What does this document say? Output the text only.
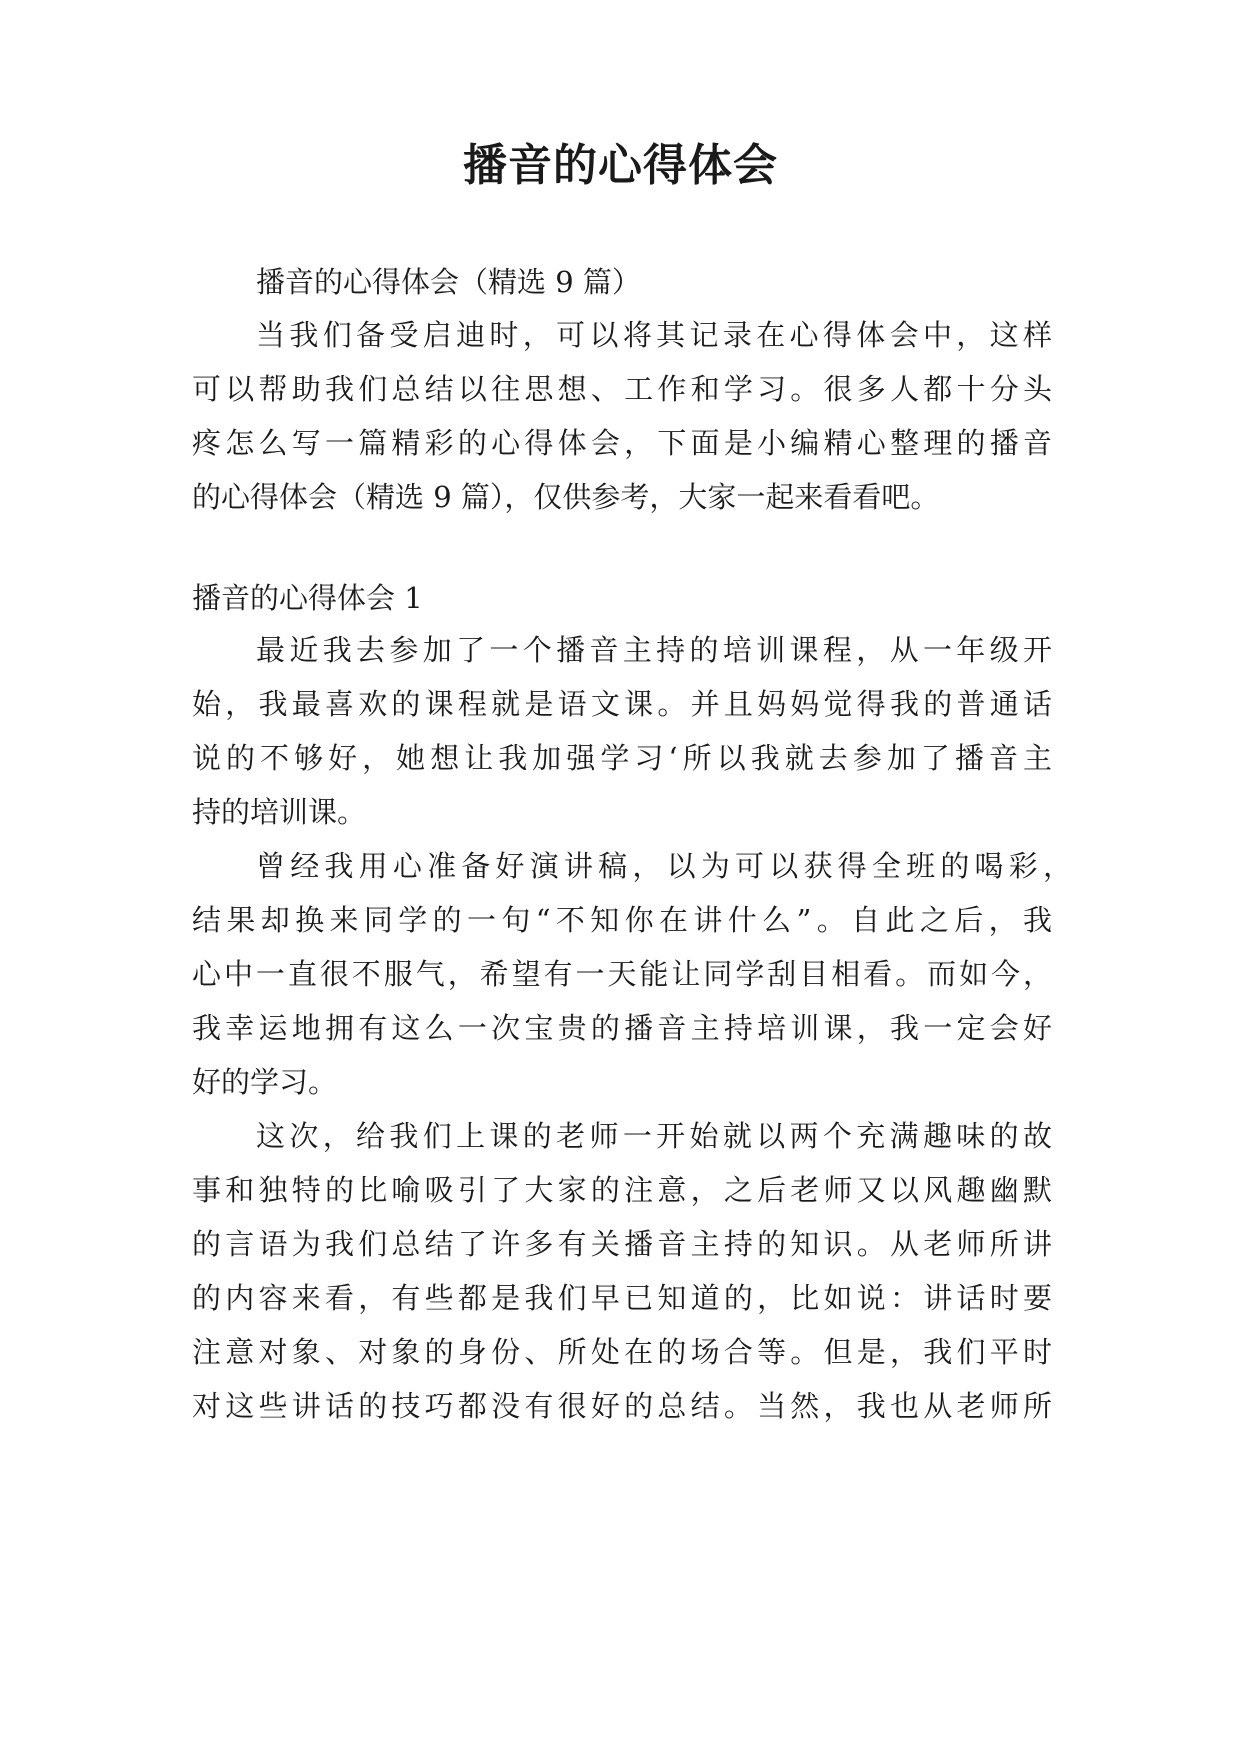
播音的心得体会
播音的心得体会（精选 9 篇）
当我们备受启迪时，可以将其记录在心得体会中，这样
可以帮助我们总结以往思想、工作和学习。很多人都十分头
疼怎么写一篇精彩的心得体会，下面是小编精心整理的播音
的心得体会（精选 9 篇），仅供参考，大家一起来看看吧。
播音的心得体会 1
最近我去参加了一个播音主持的培训课程，从一年级开
始，我最喜欢的课程就是语文课。并且妈妈觉得我的普通话
说的不够好，她想让我加强学习‘所以我就去参加了播音主
持的培训课。
曾经我用心准备好演讲稿，以为可以获得全班的喝彩，
结果却换来同学的一句“不知你在讲什么”。自此之后，我
心中一直很不服气，希望有一天能让同学刮目相看。而如今，
我幸运地拥有这么一次宝贵的播音主持培训课，我一定会好
好的学习。
这次，给我们上课的老师一开始就以两个充满趣味的故
事和独特的比喻吸引了大家的注意，之后老师又以风趣幽默
的言语为我们总结了许多有关播音主持的知识。从老师所讲
的内容来看，有些都是我们早已知道的，比如说：讲话时要
注意对象、对象的身份、所处在的场合等。但是，我们平时
对这些讲话的技巧都没有很好的总结。当然，我也从老师所
